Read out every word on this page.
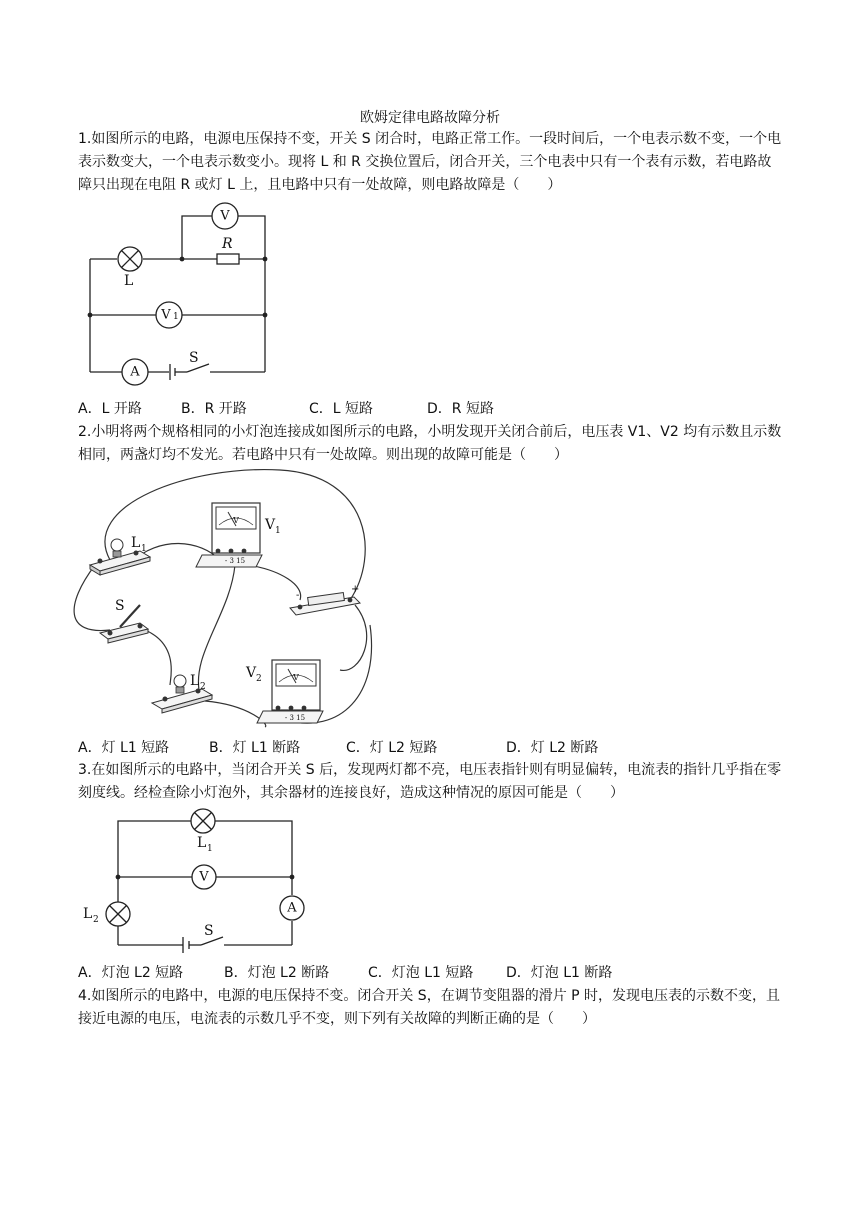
欧姆定律电路故障分析

1.如图所示的电路，电源电压保持不变，开关 S 闭合时，电路正常工作。一段时间后，一个电表示数不变，一个电表示数变大，一个电表示数变小。现将 L 和 R 交换位置后，闭合开关，三个电表中只有一个表有示数，若电路故障只出现在电阻 R 或灯 L 上，且电路中只有一处故障，则电路故障是（　　）

V
V 1
A
L
R
S
A．L 开路	B．R 开路	C．L 短路	D．R 短路

2.小明将两个规格相同的小灯泡连接成如图所示的电路，小明发现开关闭合前后，电压表 V1、V2 均有示数且示数相同，两盏灯均不发光。若电路中只有一处故障。则出现的故障可能是（　　）

L 1
S
V
- 3 15
V 1
-
+
L 2
V
- 3 15
V 2
A．灯 L1 短路	B．灯 L1 断路	C．灯 L2 短路	D．灯 L2 断路

3.在如图所示的电路中，当闭合开关 S 后，发现两灯都不亮，电压表指针则有明显偏转，电流表的指针几乎指在零刻度线。经检查除小灯泡外，其余器材的连接良好，造成这种情况的原因可能是（　　）

L 1
V
L 2
A
S
A．灯泡 L2 短路	B．灯泡 L2 断路	C．灯泡 L1 短路 D．灯泡 L1 断路

4.如图所示的电路中，电源的电压保持不变。闭合开关 S，在调节变阻器的滑片 P 时，发现电压表的示数不变，且接近电源的电压，电流表的示数几乎不变，则下列有关故障的判断正确的是（　　）
